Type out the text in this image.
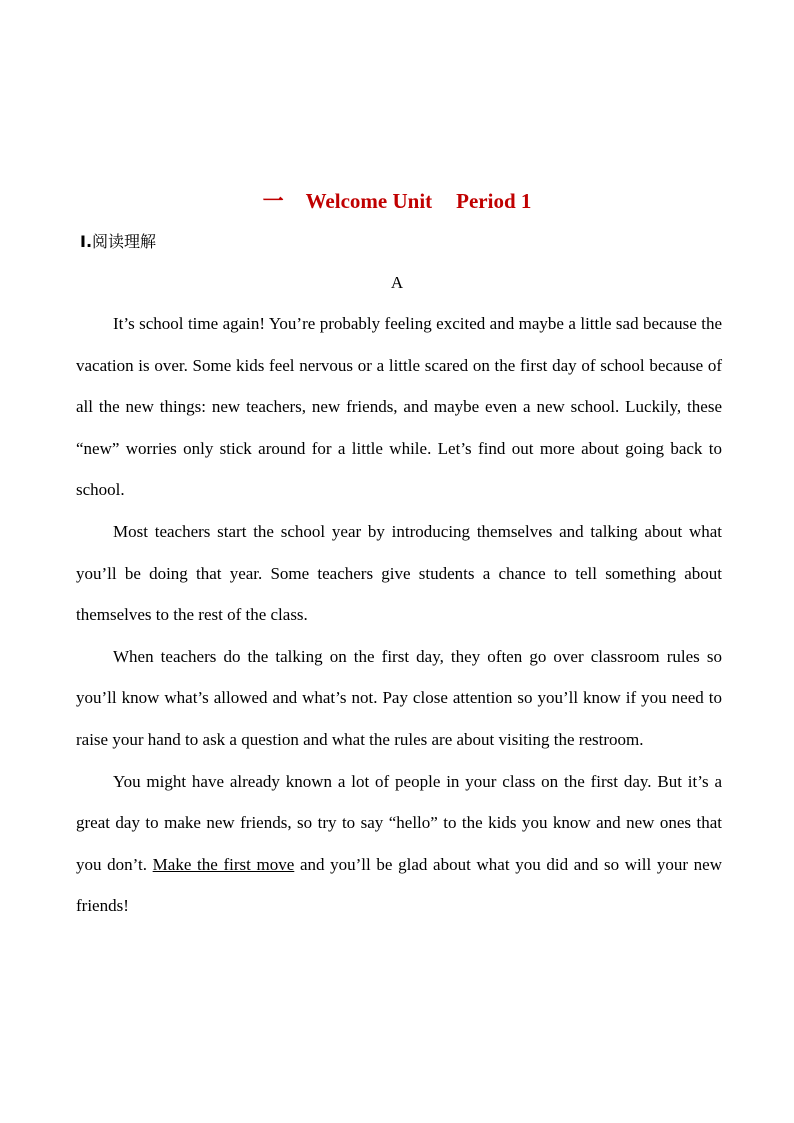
一 Welcome Unit Period 1
Ⅰ.阅读理解
A

It’s school time again! You’re probably feeling excited and maybe a little sad because the vacation is over. Some kids feel nervous or a little scared on the first day of school because of all the new things: new teachers, new friends, and maybe even a new school. Luckily, these “new” worries only stick around for a little while. Let’s find out more about going back to school.

Most teachers start the school year by introducing themselves and talking about what you’ll be doing that year. Some teachers give students a chance to tell something about themselves to the rest of the class.

When teachers do the talking on the first day, they often go over classroom rules so you’ll know what’s allowed and what’s not. Pay close attention so you’ll know if you need to raise your hand to ask a question and what the rules are about visiting the restroom.

You might have already known a lot of people in your class on the first day. But it’s a great day to make new friends, so try to say “hello” to the kids you know and new ones that you don’t. Make the first move and you’ll be glad about what you did and so will your new friends!
